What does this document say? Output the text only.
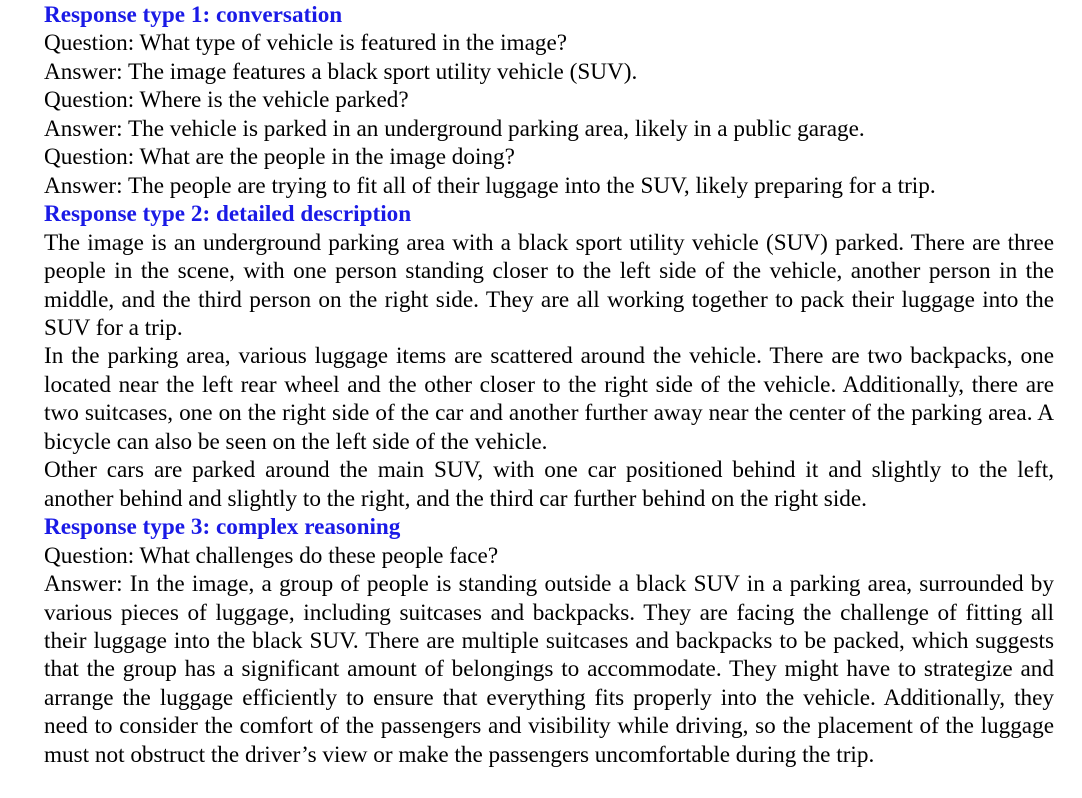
Response type 1: conversation
Question: What type of vehicle is featured in the image?
Answer: The image features a black sport utility vehicle (SUV).
Question: Where is the vehicle parked?
Answer: The vehicle is parked in an underground parking area, likely in a public garage.
Question: What are the people in the image doing?
Answer: The people are trying to fit all of their luggage into the SUV, likely preparing for a trip.
Response type 2: detailed description

The image is an underground parking area with a black sport utility vehicle (SUV) parked. There are three people in the scene, with one person standing closer to the left side of the vehicle, another person in the middle, and the third person on the right side. They are all working together to pack their luggage into the SUV for a trip.

In the parking area, various luggage items are scattered around the vehicle. There are two backpacks, one located near the left rear wheel and the other closer to the right side of the vehicle. Additionally, there are two suitcases, one on the right side of the car and another further away near the center of the parking area. A bicycle can also be seen on the left side of the vehicle.

Other cars are parked around the main SUV, with one car positioned behind it and slightly to the left, another behind and slightly to the right, and the third car further behind on the right side.

Response type 3: complex reasoning
Question: What challenges do these people face?

Answer: In the image, a group of people is standing outside a black SUV in a parking area, surrounded by various pieces of luggage, including suitcases and backpacks. They are facing the challenge of fitting all their luggage into the black SUV. There are multiple suitcases and backpacks to be packed, which suggests that the group has a significant amount of belongings to accommodate. They might have to strategize and arrange the luggage efficiently to ensure that everything fits properly into the vehicle. Additionally, they need to consider the comfort of the passengers and visibility while driving, so the placement of the luggage must not obstruct the driver’s view or make the passengers uncomfortable during the trip.
